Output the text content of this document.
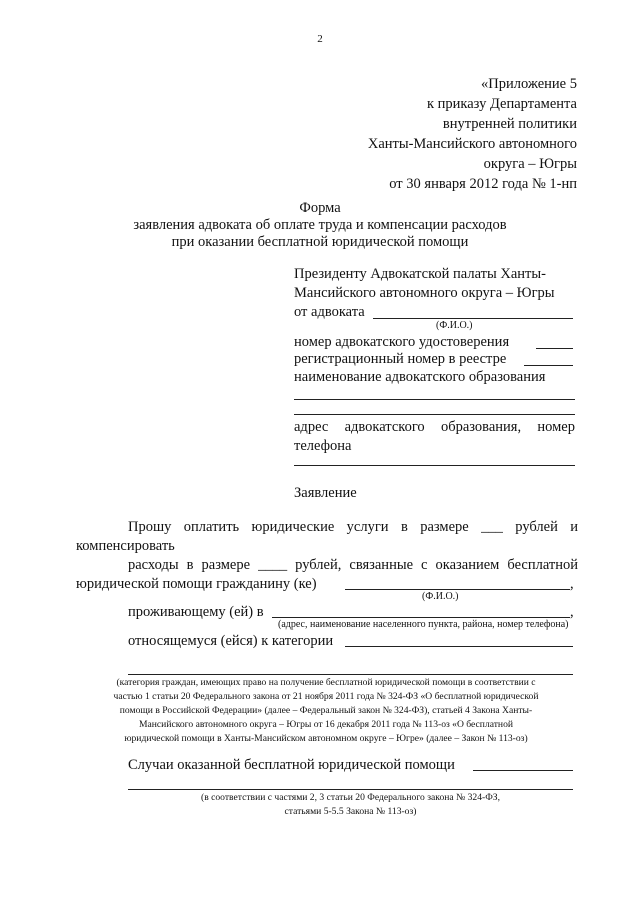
2
«Приложение 5
к приказу Департамента
внутренней политики
Ханты-Мансийского автономного
округа – Югры
от 30 января 2012 года № 1-нп
Форма
заявления адвоката об оплате труда и компенсации расходов
при оказании бесплатной юридической помощи
Президенту Адвокатской палаты Ханты-
Мансийского автономного округа – Югры
от адвоката
(Ф.И.О.)
номер адвокатского удостоверения
регистрационный номер в реестре
наименование адвокатского образования
адрес адвокатского образования, номер
телефона
Заявление
Прошу оплатить юридические услуги в размере ___ рублей и
компенсировать
расходы в размере ____ рублей, связанные с оказанием бесплатной
юридической помощи гражданину (ке)	,
(Ф.И.О.)
проживающему (ей) в	,
(адрес, наименование населенного пункта, района, номер телефона)
относящемуся (ейся) к категории
(категория граждан, имеющих право на получение бесплатной юридической помощи в соответствии с
частью 1 статьи 20 Федерального закона от 21 ноября 2011 года № 324-ФЗ «О бесплатной юридической
помощи в Российской Федерации» (далее – Федеральный закон № 324-ФЗ), статьей 4 Закона Ханты-
Мансийского автономного округа – Югры от 16 декабря 2011 года № 113-оз «О бесплатной
юридической помощи в Ханты-Мансийском автономном округе – Югре» (далее – Закон № 113-оз)
Случаи оказанной бесплатной юридической помощи
(в соответствии с частями 2, 3 статьи 20 Федерального закона № 324-ФЗ,
статьями 5-5.5 Закона № 113-оз)
